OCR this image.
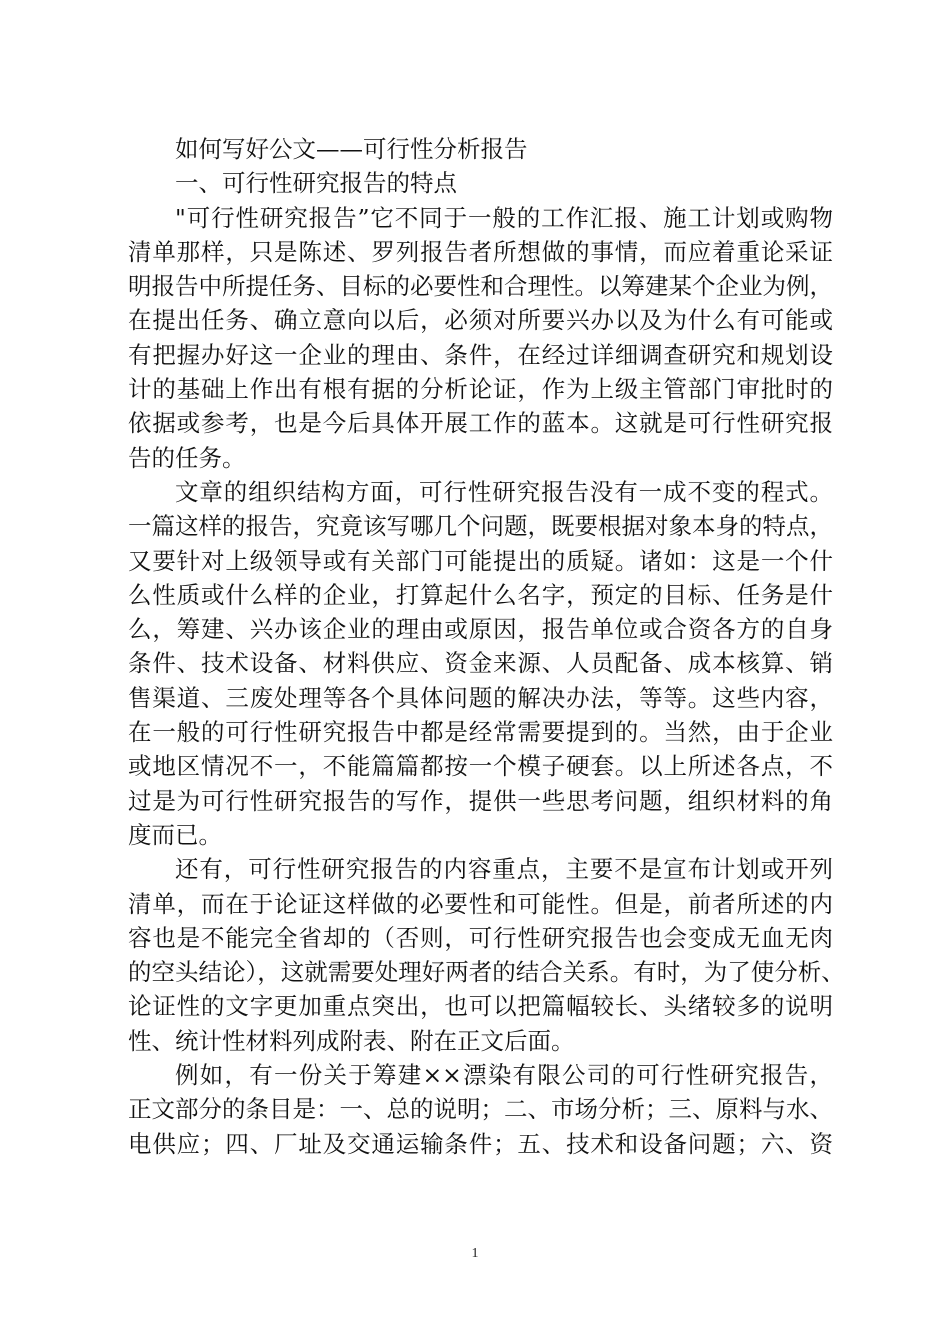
如何写好公文——可行性分析报告
一、可行性研究报告的特点
"可行性研究报告”它不同于一般的工作汇报、施工计划或购物
清单那样，只是陈述、罗列报告者所想做的事情，而应着重论采证
明报告中所提任务、目标的必要性和合理性。以筹建某个企业为例，
在提出任务、确立意向以后，必须对所要兴办以及为什么有可能或
有把握办好这一企业的理由、条件，在经过详细调查研究和规划设
计的基础上作出有根有据的分析论证，作为上级主管部门审批时的
依据或参考，也是今后具体开展工作的蓝本。这就是可行性研究报
告的任务。
文章的组织结构方面，可行性研究报告没有一成不变的程式。
一篇这样的报告，究竟该写哪几个问题，既要根据对象本身的特点，
又要针对上级领导或有关部门可能提出的质疑。诸如：这是一个什
么性质或什么样的企业，打算起什么名字，预定的目标、任务是什
么，筹建、兴办该企业的理由或原因，报告单位或合资各方的自身
条件、技术设备、材料供应、资金来源、人员配备、成本核算、销
售渠道、三废处理等各个具体问题的解决办法，等等。这些内容，
在一般的可行性研究报告中都是经常需要提到的。当然，由于企业
或地区情况不一，不能篇篇都按一个模子硬套。以上所述各点，不
过是为可行性研究报告的写作，提供一些思考问题，组织材料的角
度而已。
还有，可行性研究报告的内容重点，主要不是宣布计划或开列
清单，而在于论证这样做的必要性和可能性。但是，前者所述的内
容也是不能完全省却的（否则，可行性研究报告也会变成无血无肉
的空头结论），这就需要处理好两者的结合关系。有时，为了使分析、
论证性的文字更加重点突出，也可以把篇幅较长、头绪较多的说明
性、统计性材料列成附表、附在正文后面。
例如，有一份关于筹建××漂染有限公司的可行性研究报告，
正文部分的条目是：一、总的说明；二、市场分析；三、原料与水、
电供应；四、厂址及交通运输条件；五、技术和设备问题；六、资
1
